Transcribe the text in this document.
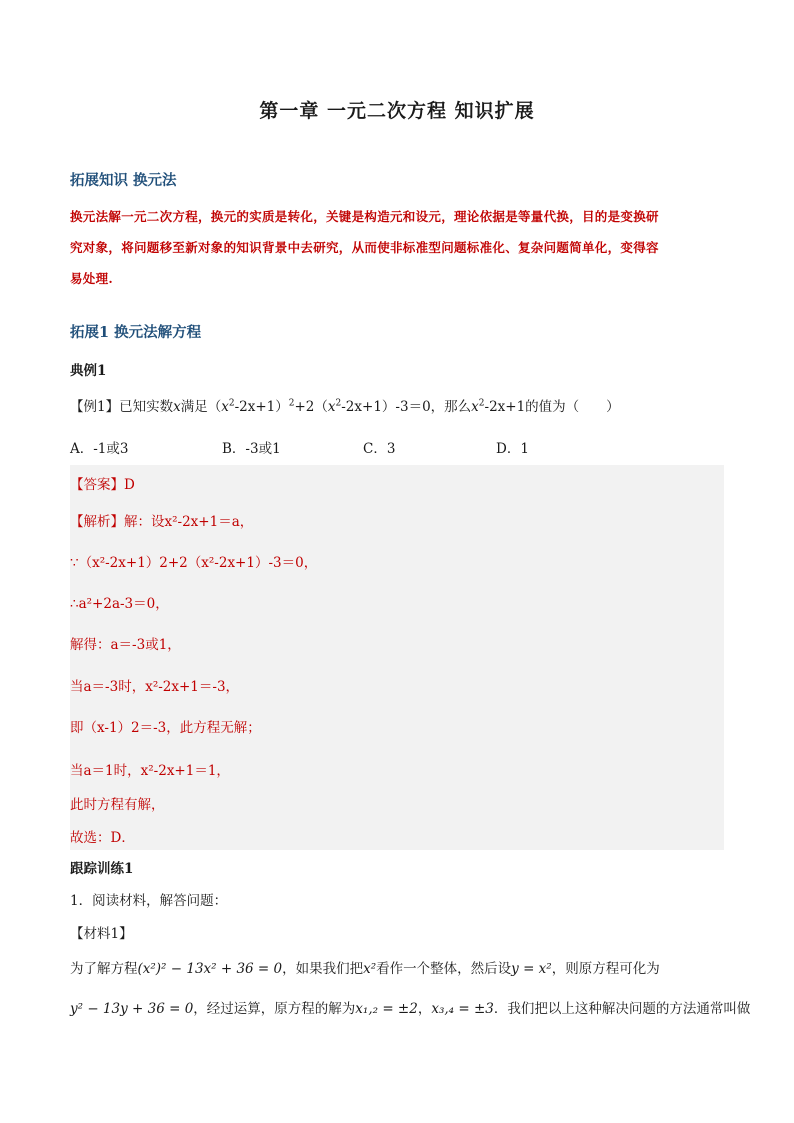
第一章 一元二次方程 知识扩展
拓展知识 换元法
换元法解一元二次方程，换元的实质是转化，关键是构造元和设元，理论依据是等量代换，目的是变换研
究对象，将问题移至新对象的知识背景中去研究，从而使非标准型问题标准化、复杂问题简单化，变得容
易处理.
拓展1 换元法解方程
典例1
【例1】已知实数x满足$(x^2-2x+1)^2+2(x^2-2x+1)-3=0$，那么$x^2-2x+1$的值为（　　）
A．-1或3	B．-3或1	C．3	D．1
【答案】D
【解析】解：设x²-2x+1＝a，
∵（x²-2x+1）2+2（x²-2x+1）-3＝0，
∴a²+2a-3＝0，
解得：a＝-3或1，
当a＝-3时，x²-2x+1＝-3，
即（x-1）2＝-3，此方程无解；
当a＝1时，x²-2x+1＝1，
此时方程有解，
故选：D．
跟踪训练1
1．阅读材料，解答问题：
【材料1】
为了解方程(x²)² − 13x² + 36 = 0，如果我们把x²看作一个整体，然后设y = x²，则原方程可化为
y² − 13y + 36 = 0，经过运算，原方程的解为x₁,₂ = ±2，x₃,₄ = ±3．我们把以上这种解决问题的方法通常叫做
